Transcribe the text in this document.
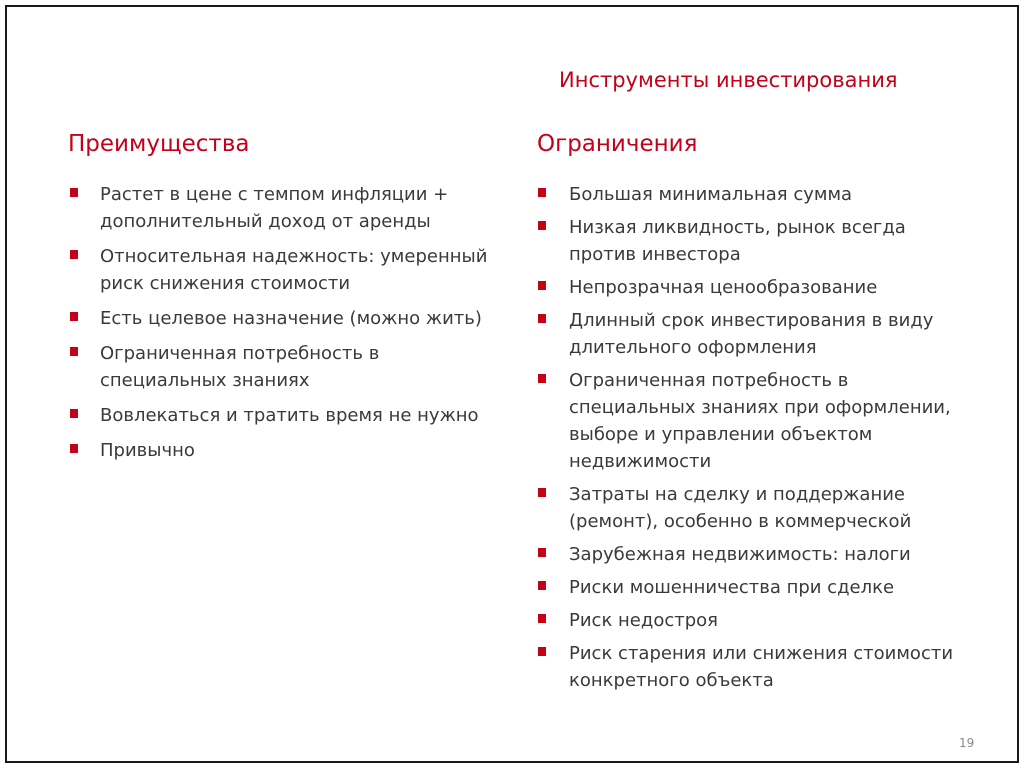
Инструменты инвестирования
Преимущества
Растет в цене с темпом инфляции + дополнительный доход от аренды
Относительная надежность: умеренный риск снижения стоимости
Есть целевое назначение (можно жить)
Ограниченная потребность в специальных знаниях
Вовлекаться и тратить время не нужно
Привычно
Ограничения
Большая минимальная сумма
Низкая ликвидность, рынок всегда против инвестора
Непрозрачная ценообразование
Длинный срок инвестирования в виду длительного оформления
Ограниченная потребность в специальных знаниях при оформлении, выборе и управлении объектом недвижимости
Затраты на сделку и поддержание (ремонт), особенно в коммерческой
Зарубежная недвижимость: налоги
Риски мошенничества при сделке
Риск недостроя
Риск старения или снижения стоимости конкретного объекта
19
